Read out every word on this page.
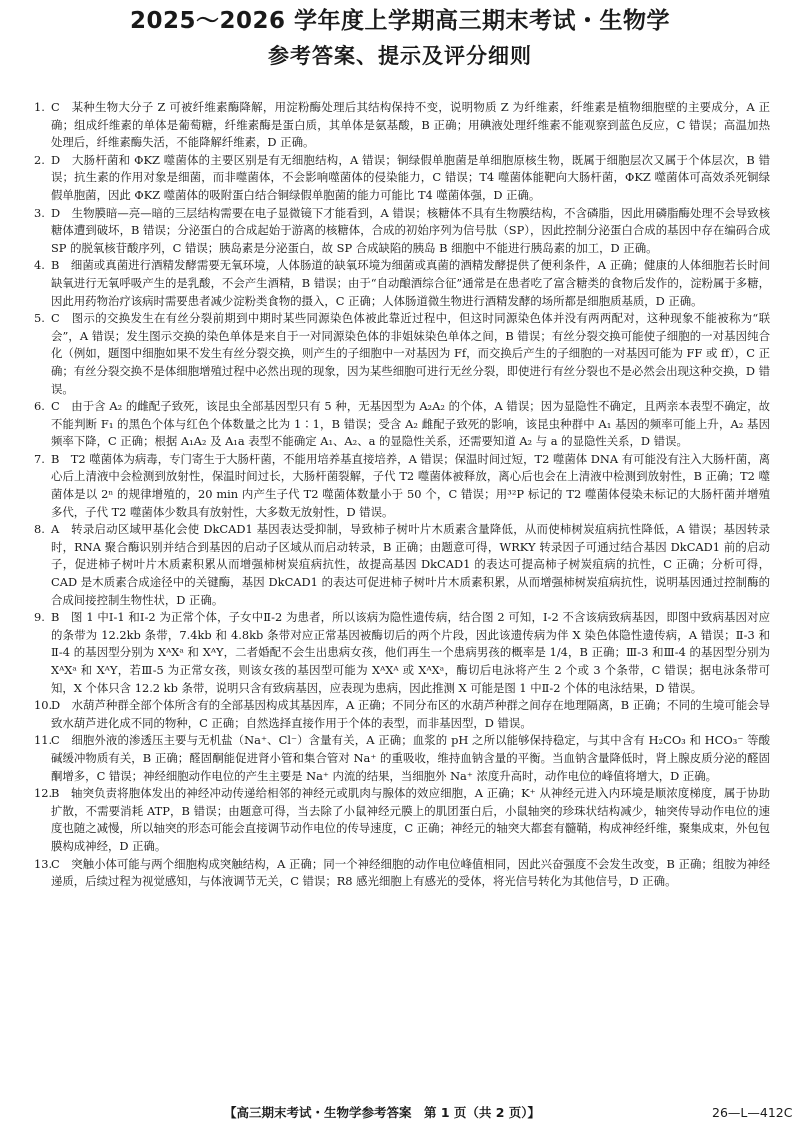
2025～2026 学年度上学期高三期末考试・生物学
参考答案、提示及评分细则
1. C　某种生物大分子 Z 可被纤维素酶降解，用淀粉酶处理后其结构保持不变，说明物质 Z 为纤维素，纤维素是植物细胞壁的主要成分，A 正确；组成纤维素的单体是葡萄糖，纤维素酶是蛋白质，其单体是氨基酸，B 正确；用碘液处理纤维素不能观察到蓝色反应，C 错误；高温加热处理后，纤维素酶失活，不能降解纤维素，D 正确。
2. D　大肠杆菌和 ΦKZ 噬菌体的主要区别是有无细胞结构，A 错误；铜绿假单胞菌是单细胞原核生物，既属于细胞层次又属于个体层次，B 错误；抗生素的作用对象是细菌，而非噬菌体，不会影响噬菌体的侵染能力，C 错误；T4 噬菌体能靶向大肠杆菌，ΦKZ 噬菌体可高效杀死铜绿假单胞菌，因此 ΦKZ 噬菌体的吸附蛋白结合铜绿假单胞菌的能力可能比 T4 噬菌体强，D 正确。
3. D　生物膜暗—亮—暗的三层结构需要在电子显微镜下才能看到，A 错误；核糖体不具有生物膜结构，不含磷脂，因此用磷脂酶处理不会导致核糖体遭到破坏，B 错误；分泌蛋白的合成起始于游离的核糖体，合成的初始序列为信号肽（SP），因此控制分泌蛋白合成的基因中存在编码合成 SP 的脱氧核苷酸序列，C 错误；胰岛素是分泌蛋白，故 SP 合成缺陷的胰岛 B 细胞中不能进行胰岛素的加工，D 正确。
4. B　细菌或真菌进行酒精发酵需要无氧环境，人体肠道的缺氧环境为细菌或真菌的酒精发酵提供了便利条件，A 正确；健康的人体细胞若长时间缺氧进行无氧呼吸产生的是乳酸，不会产生酒精，B 错误；由于“自动酿酒综合征”通常是在患者吃了富含糖类的食物后发作的，淀粉属于多糖，因此用药物治疗该病时需要患者减少淀粉类食物的摄入，C 正确；人体肠道微生物进行酒精发酵的场所都是细胞质基质，D 正确。
5. C　图示的交换发生在有丝分裂前期到中期时某些同源染色体被此靠近过程中，但这时同源染色体并没有两两配对，这种现象不能被称为“联会”，A 错误；发生图示交换的染色单体是来自于一对同源染色体的非姐妹染色单体之间，B 错误；有丝分裂交换可能使子细胞的一对基因纯合化（例如，题图中细胞如果不发生有丝分裂交换，则产生的子细胞中一对基因为 Ff，而交换后产生的子细胞的一对基因可能为 FF 或 ff），C 正确；有丝分裂交换不是体细胞增殖过程中必然出现的现象，因为某些细胞可进行无丝分裂，即使进行有丝分裂也不是必然会出现这种交换，D 错误。
6. C　由于含 A₂ 的雌配子致死，该昆虫全部基因型只有 5 种，无基因型为 A₂A₂ 的个体，A 错误；因为显隐性不确定，且两亲本表型不确定，故不能判断 F₁ 的黑色个体与红色个体数量之比为 1∶1，B 错误；受含 A₂ 雌配子致死的影响，该昆虫种群中 A₁ 基因的频率可能上升，A₂ 基因频率下降，C 正确；根据 A₁A₂ 及 A₁a 表型不能确定 A₁、A₂、a 的显隐性关系，还需要知道 A₂ 与 a 的显隐性关系，D 错误。
7. B　T2 噬菌体为病毒，专门寄生于大肠杆菌，不能用培养基直接培养，A 错误；保温时间过短，T2 噬菌体 DNA 有可能没有注入大肠杆菌，离心后上清液中会检测到放射性，保温时间过长，大肠杆菌裂解，子代 T2 噬菌体被释放，离心后也会在上清液中检测到放射性，B 正确；T2 噬菌体是以 2ⁿ 的规律增殖的，20 min 内产生子代 T2 噬菌体数量小于 50 个，C 错误；用³²P 标记的 T2 噬菌体侵染未标记的大肠杆菌并增殖多代，子代 T2 噬菌体少数具有放射性，大多数无放射性，D 错误。
8. A　转录启动区域甲基化会使 DkCAD1 基因表达受抑制，导致柿子树叶片木质素含量降低，从而使柿树炭疽病抗性降低，A 错误；基因转录时，RNA 聚合酶识别并结合到基因的启动子区域从而启动转录，B 正确；由题意可得，WRKY 转录因子可通过结合基因 DkCAD1 前的启动子，促进柿子树叶片木质素积累从而增强柿树炭疽病抗性，故提高基因 DkCAD1 的表达可提高柿子树炭疽病的抗性，C 正确；分析可得，CAD 是木质素合成途径中的关键酶，基因 DkCAD1 的表达可促进柿子树叶片木质素积累，从而增强柿树炭疽病抗性，说明基因通过控制酶的合成间接控制生物性状，D 正确。
9. B　图 1 中Ⅰ-1 和Ⅰ-2 为正常个体，子女中Ⅱ-2 为患者，所以该病为隐性遗传病，结合图 2 可知，Ⅰ-2 不含该病致病基因，即图中致病基因对应的条带为 12.2kb 条带，7.4kb 和 4.8kb 条带对应正常基因被酶切后的两个片段，因此该遗传病为伴 X 染色体隐性遗传病，A 错误；Ⅱ-3 和Ⅱ-4 的基因型分别为 XᴬXᵃ 和 XᴬY，二者婚配不会生出患病女孩，他们再生一个患病男孩的概率是 1/4，B 正确；Ⅲ-3 和Ⅲ-4 的基因型分别为 XᴬXᵃ 和 XᴬY，若Ⅲ-5 为正常女孩，则该女孩的基因型可能为 XᴬXᴬ 或 XᴬXᵃ，酶切后电泳将产生 2 个或 3 个条带，C 错误；据电泳条带可知，X 个体只含 12.2 kb 条带，说明只含有致病基因，应表现为患病，因此推测 X 可能是图 1 中Ⅱ-2 个体的电泳结果，D 错误。
10.
D　水葫芦种群全部个体所含有的全部基因构成其基因库，A 正确；不同分布区的水葫芦种群之间存在地理隔离，B 正确；不同的生境可能会导致水葫芦进化成不同的物种，C 正确；自然选择直接作用于个体的表型，而非基因型，D 错误。
11.
C　细胞外液的渗透压主要与无机盐（Na⁺、Cl⁻）含量有关，A 正确；血浆的 pH 之所以能够保持稳定，与其中含有 H₂CO₃ 和 HCO₃⁻ 等酸碱缓冲物质有关，B 正确；醛固酮能促进肾小管和集合管对 Na⁺ 的重吸收，维持血钠含量的平衡。当血钠含量降低时，肾上腺皮质分泌的醛固酮增多，C 错误；神经细胞动作电位的产生主要是 Na⁺ 内流的结果，当细胞外 Na⁺ 浓度升高时，动作电位的峰值将增大，D 正确。
12.
B　轴突负责将胞体发出的神经冲动传递给相邻的神经元或肌肉与腺体的效应细胞，A 正确；K⁺ 从神经元进入内环境是顺浓度梯度，属于协助扩散，不需要消耗 ATP，B 错误；由题意可得，当去除了小鼠神经元膜上的肌团蛋白后，小鼠轴突的珍珠状结构减少，轴突传导动作电位的速度也随之减慢，所以轴突的形态可能会直接调节动作电位的传导速度，C 正确；神经元的轴突大都套有髓鞘，构成神经纤维，聚集成束，外包包膜构成神经，D 正确。
13.
C　突触小体可能与两个细胞构成突触结构，A 正确；同一个神经细胞的动作电位峰值相同，因此兴奋强度不会发生改变，B 正确；组胺为神经递质，后续过程为视觉感知，与体液调节无关，C 错误；R8 感光细胞上有感光的受体，将光信号转化为其他信号，D 正确。
【高三期末考试・生物学参考答案　第 1 页（共 2 页）】	26—L—412C
